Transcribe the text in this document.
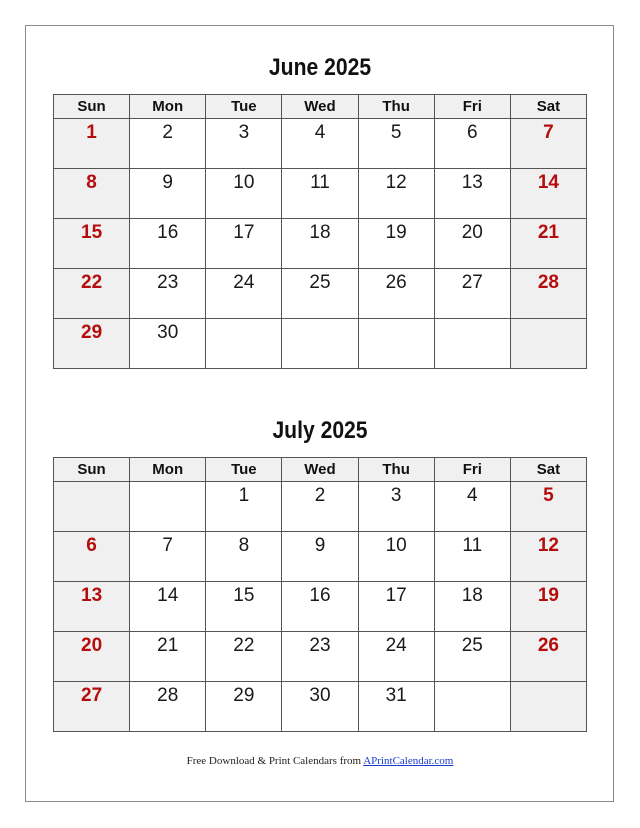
June 2025
Sun	Mon	Tue	Wed	Thu	Fri	Sat
1	2	3	4	5	6	7
8	9	10	11	12	13	14
15	16	17	18	19	20	21
22	23	24	25	26	27	28
29	30					
July 2025
Sun	Mon	Tue	Wed	Thu	Fri	Sat
		1	2	3	4	5
6	7	8	9	10	11	12
13	14	15	16	17	18	19
20	21	22	23	24	25	26
27	28	29	30	31		
Free Download & Print Calendars from APrintCalendar.com
